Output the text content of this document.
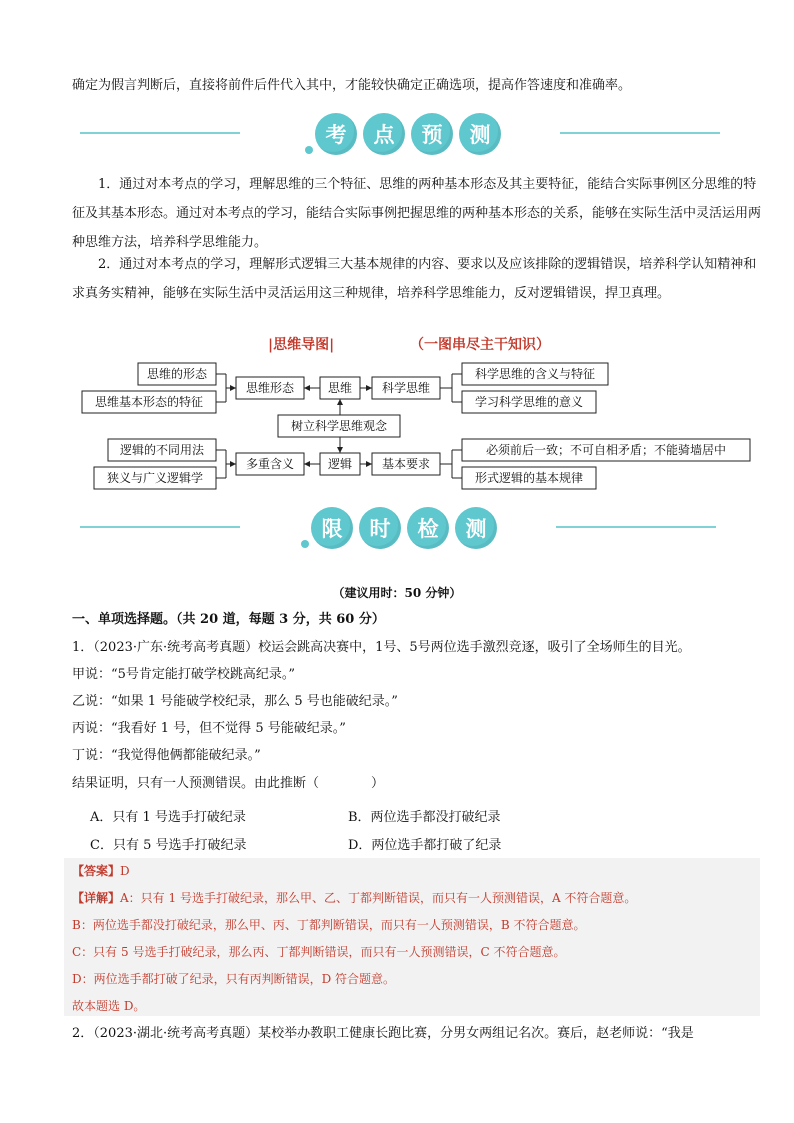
确定为假言判断后，直接将前件后件代入其中，才能较快确定正确选项，提高作答速度和准确率。

考	点	预	测

1．通过对本考点的学习，理解思维的三个特征、思维的两种基本形态及其主要特征，能结合实际事例区分思维的特征及其基本形态。通过对本考点的学习，能结合实际事例把握思维的两种基本形态的关系，能够在实际生活中灵活运用两种思维方法，培养科学思维能力。

2．通过对本考点的学习，理解形式逻辑三大基本规律的内容、要求以及应该排除的逻辑错误，培养科学认知精神和求真务实精神，能够在实际生活中灵活运用这三种规律，培养科学思维能力，反对逻辑错误，捍卫真理。

|思维导图|	（一图串尽主干知识）
思维的形态
思维基本形态的特征
思维形态	思维 科学思维
科学思维的含义与特征
学习科学思维的意义
树立科学思维观念
逻辑的不同用法
狭义与广义逻辑学
多重含义	逻辑 基本要求
必须前后一致；不可自相矛盾；不能骑墙居中
形式逻辑的基本规律
限	时	检	测
（建议用时：50 分钟）

一、单项选择题。（共 20 道，每题 3 分，共 60 分）

1．（2023·广东·统考高考真题）校运会跳高决赛中，1号、5号两位选手激烈竞逐，吸引了全场师生的目光。

甲说：“5号肯定能打破学校跳高纪录。”

乙说：“如果 1 号能破学校纪录，那么 5 号也能破纪录。”

丙说：“我看好 1 号，但不觉得 5 号能破纪录。”

丁说：“我觉得他俩都能破纪录。”

结果证明，只有一人预测错误。由此推断（　　　　）

A．只有 1 号选手打破纪录	B．两位选手都没打破纪录
C．只有 5 号选手打破纪录	D．两位选手都打破了纪录

【答案】D

【详解】A：只有 1 号选手打破纪录，那么甲、乙、丁都判断错误，而只有一人预测错误，A 不符合题意。

B：两位选手都没打破纪录，那么甲、丙、丁都判断错误，而只有一人预测错误，B 不符合题意。

C：只有 5 号选手打破纪录，那么丙、丁都判断错误，而只有一人预测错误，C 不符合题意。

D：两位选手都打破了纪录，只有丙判断错误，D 符合题意。

故本题选 D。

2．（2023·湖北·统考高考真题）某校举办教职工健康长跑比赛，分男女两组记名次。赛后，赵老师说：“我是
